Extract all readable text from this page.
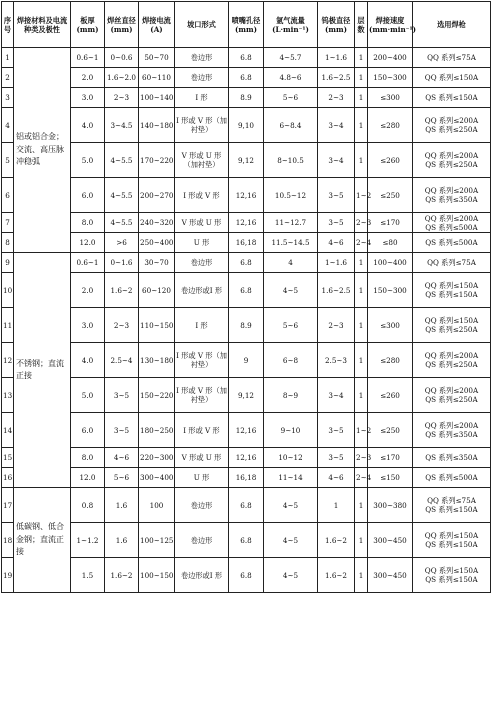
序号	焊接材料及电流种类及极性	板厚(mm)	焊丝直径 (mm)	焊接电流 (A)	坡口形式	喷嘴孔径 (mm)	氩气流量 (L·min⁻¹)	钨极直径 (mm)	层数	焊接速度 (mm·min⁻¹)	选用焊枪
1	铝或铝合金；交流、高压脉冲稳弧	0.6~1	0~0.6	50~70	卷边形	6.8	4~5.7	1~1.6	1	200~400	QQ 系列≤75A

2		2.0	1.6~2.0	60~110	卷边形	6.8	4.8~6	1.6~2.5	1	150~300	QQ 系列≤150A

3		3.0	2~3	100~140	I 形	8.9	5~6	2~3	1	≤300	QS 系列≤150A

4		4.0	3~4.5	140~180	I 形或 V 形（加衬垫）	9,10	6~8.4	3~4	1	≤280	QQ 系列≤200A
QS 系列≤250A

5		5.0	4~5.5	170~220	V 形或 U 形（加衬垫）	9,12	8~10.5	3~4	1	≤260	QQ 系列≤200A
QS 系列≤250A

6		6.0	4~5.5	200~270	I 形或 V 形	12,16	10.5~12	3~5	1~2	≤250	QQ 系列≤200A
QS 系列≤350A

7		8.0	4~5.5	240~320	V 形或 U 形	12,16	11~12.7	3~5	2~3	≤170	QQ 系列≤200A
QS 系列≤500A

8		12.0	>6	250~400	U 形	16,18	11.5~14.5	4~6	2~4	≤80	QS 系列≤500A

9	不锈钢；直流正接	0.6~1	0~1.6	30~70	卷边形	6.8	4	1~1.6	1	100~400	QQ 系列≤75A

10		2.0	1.6~2	60~120	卷边形或I 形	6.8	4~5	1.6~2.5	1	150~300	QQ 系列≤150A
QS 系列≤150A

11		3.0	2~3	110~150	I 形	8.9	5~6	2~3	1	≤300	QQ 系列≤150A
QS 系列≤250A

12		4.0	2.5~4	130~180	I 形或 V 形（加衬垫）	9	6~8	2.5~3	1	≤280	QQ 系列≤200A
QS 系列≤250A

13		5.0	3~5	150~220	I 形或 V 形（加衬垫）	9,12	8~9	3~4	1	≤260	QQ 系列≤200A
QS 系列≤250A

14		6.0	3~5	180~250	I 形或 V 形	12,16	9~10	3~5	1~2	≤250	QQ 系列≤200A
QS 系列≤350A

15		8.0	4~6	220~300	V 形或 U 形	12,16	10~12	3~5	2~3	≤170	QS 系列≤350A

16		12.0	5~6	300~400	U 形	16,18	11~14	4~6	2~4	≤150	QS 系列≤500A

17	低碳钢、低合金钢；直流正接	0.8	1.6	100	卷边形	6.8	4~5	1	1	300~380	QQ 系列≤75A
QS 系列≤150A

18		1~1.2	1.6	100~125	卷边形	6.8	4~5	1.6~2	1	300~450	QQ 系列≤150A
QS 系列≤150A

19		1.5	1.6~2	100~150	卷边形或I 形	6.8	4~5	1.6~2	1	300~450	QQ 系列≤150A
QS 系列≤150A
